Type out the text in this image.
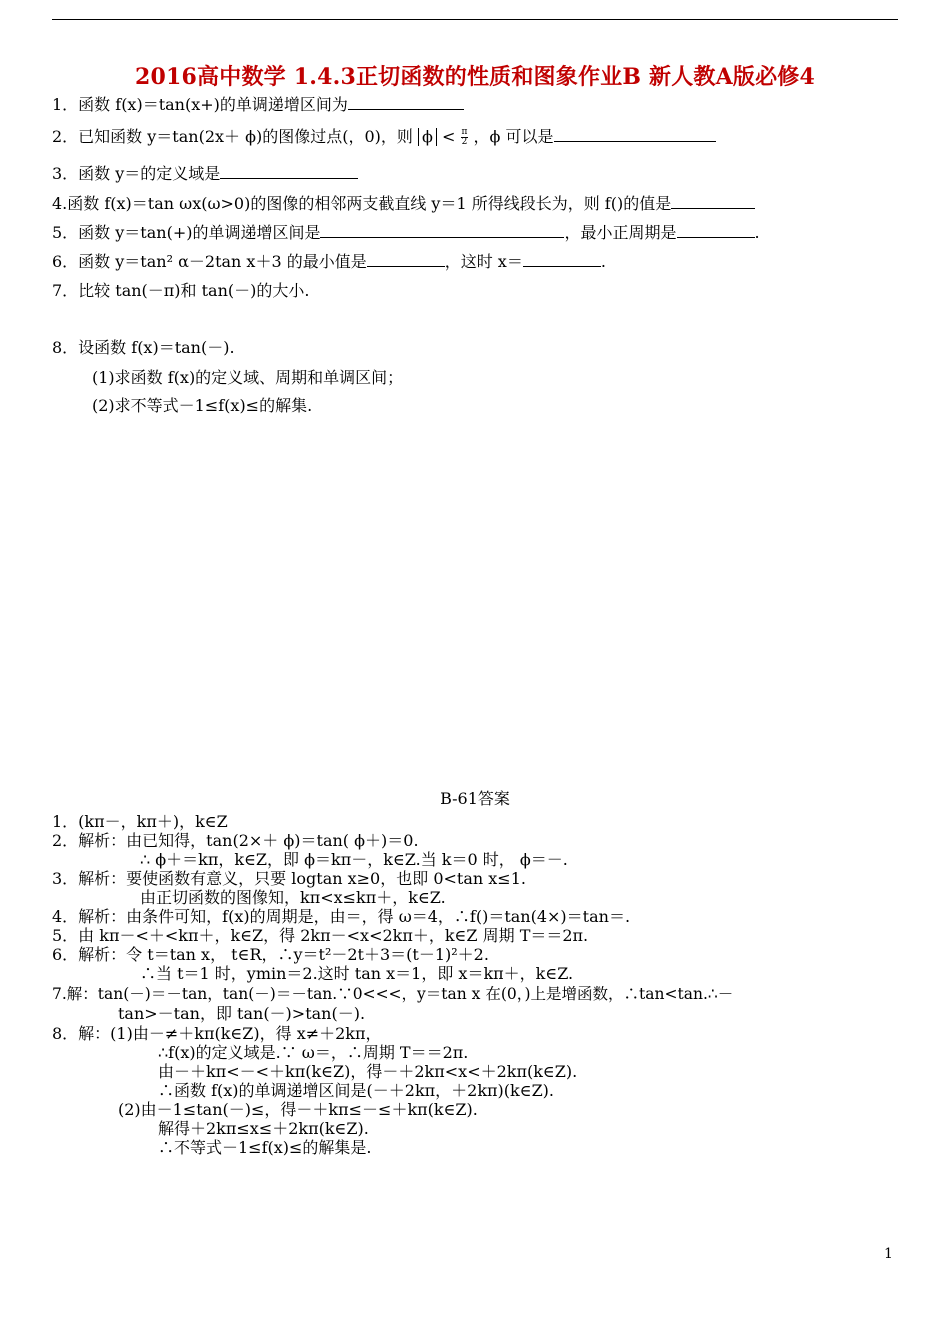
2016高中数学 1.4.3正切函数的性质和图象作业B 新人教A版必修4
1．函数 f(x)＝tan(x+)的单调递增区间为
2．已知函数 y＝tan(2x＋ ϕ)的图像过点(，0)，则 $\phi < \frac{\pi}{2}$ ，ϕ 可以是
3．函数 y＝的定义域是
4.函数 f(x)＝tan ωx(ω>0)的图像的相邻两支截直线 y＝1 所得线段长为，则 f()的值是
5．函数 y＝tan(+)的单调递增区间是	，最小正周期是	.
6．函数 y＝tan² α－2tan x＋3 的最小值是	，这时 x＝	.
7．比较 tan(－π)和 tan(－)的大小.
8．设函数 f(x)＝tan(－).
(1)求函数 f(x)的定义域、周期和单调区间；
(2)求不等式－1≤f(x)≤的解集.
B-61答案
1．(kπ－，kπ＋)，k∈Z
2．解析：由已知得，tan(2×＋ ϕ)＝tan( ϕ＋)＝0.
∴ ϕ＋＝kπ，k∈Z，即 ϕ＝kπ－，k∈Z.当 k＝0 时， ϕ＝－.
3．解析：要使函数有意义，只要 logtan x≥0，也即 0<tan x≤1.
由正切函数的图像知，kπ<x≤kπ＋，k∈Z.
4．解析：由条件可知，f(x)的周期是，由＝，得 ω＝4，∴f()＝tan(4×)＝tan＝.
5．由 kπ－<＋<kπ＋，k∈Z，得 2kπ－<x<2kπ＋，k∈Z 周期 T＝＝2π.
6．解析：令 t＝tan x， t∈R，∴y＝t²－2t＋3＝(t－1)²＋2.
∴当 t＝1 时，ymin＝2.这时 tan x＝1，即 x＝kπ＋，k∈Z.
7.解：tan(－)＝－tan，tan(－)＝－tan.∵0<<<，y＝tan x 在(0，)上是增函数，∴tan<tan.∴－
tan>－tan，即 tan(－)>tan(－).
8．解：(1)由－≠＋kπ(k∈Z)，得 x≠＋2kπ，
∴f(x)的定义域是.∵ ω＝，∴周期 T＝＝2π.
由－＋kπ<－<＋kπ(k∈Z)，得－＋2kπ<x<＋2kπ(k∈Z).
∴函数 f(x)的单调递增区间是(－＋2kπ，＋2kπ)(k∈Z).
(2)由－1≤tan(－)≤，得－＋kπ≤－≤＋kπ(k∈Z).
解得＋2kπ≤x≤＋2kπ(k∈Z).
∴不等式－1≤f(x)≤的解集是.
1
